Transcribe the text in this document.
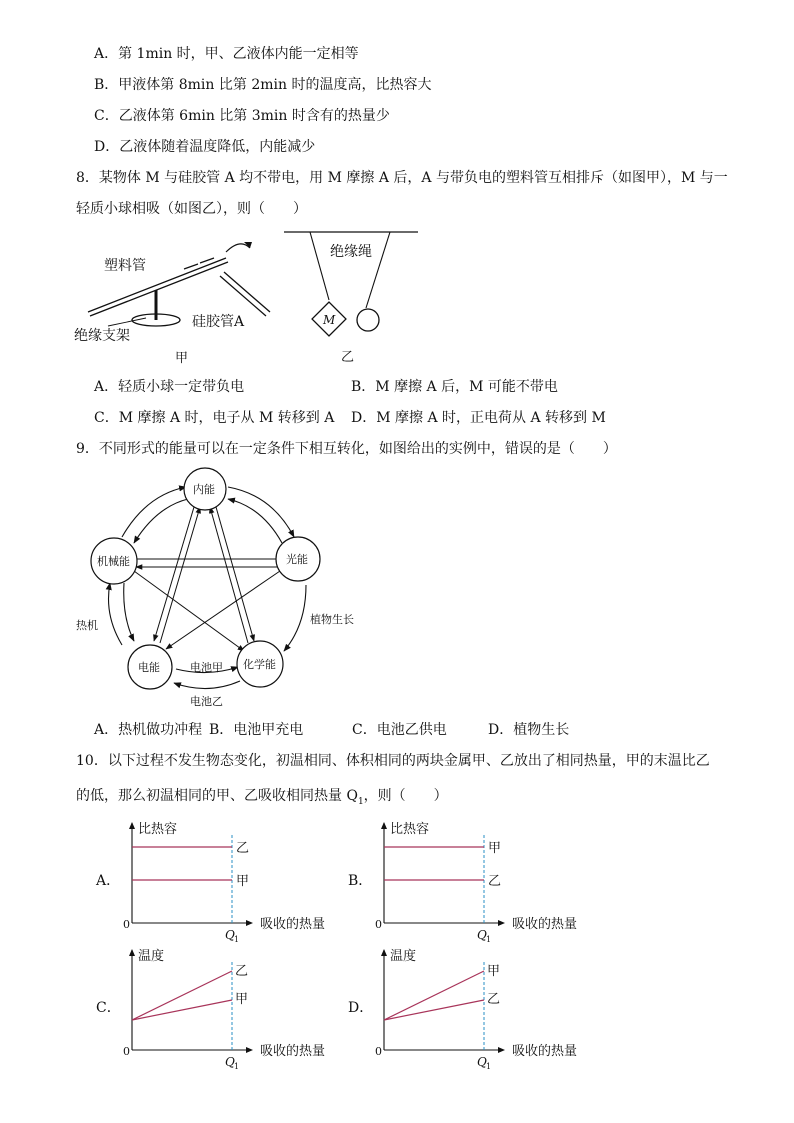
A．第 1min 时，甲、乙液体内能一定相等
B．甲液体第 8min 比第 2min 时的温度高，比热容大
C．乙液体第 6min 比第 3min 时含有的热量少
D．乙液体随着温度降低，内能减少
8．某物体 M 与硅胶管 A 均不带电，用 M 摩擦 A 后，A 与带负电的塑料管互相排斥（如图甲），M 与一
轻质小球相吸（如图乙），则（　　）
塑料管
硅胶管A
绝缘支架
甲
M
绝缘绳
乙
A．轻质小球一定带负电	B．M 摩擦 A 后，M 可能不带电
C．M 摩擦 A 时，电子从 M 转移到 A D．M 摩擦 A 时，正电荷从 A 转移到 M
9．不同形式的能量可以在一定条件下相互转化，如图给出的实例中，错误的是（　　）
内能
机械能	光能
电能	化学能
热机	植物生长
电池甲
电池乙
A．热机做功冲程 B．电池甲充电	C．电池乙供电	D．植物生长
10．以下过程不发生物态变化，初温相同、体积相同的两块金属甲、乙放出了相同热量，甲的末温比乙
的低，那么初温相同的甲、乙吸收相同热量 $Q_1$，则（　　）
A．
比热容
吸收的热量
0
Q 1
乙
甲	B．
比热容
吸收的热量
0
Q 1
甲
乙
C．
温度
吸收的热量
0
Q 1
乙
甲
D．
温度
吸收的热量
0
Q 1
甲
乙
